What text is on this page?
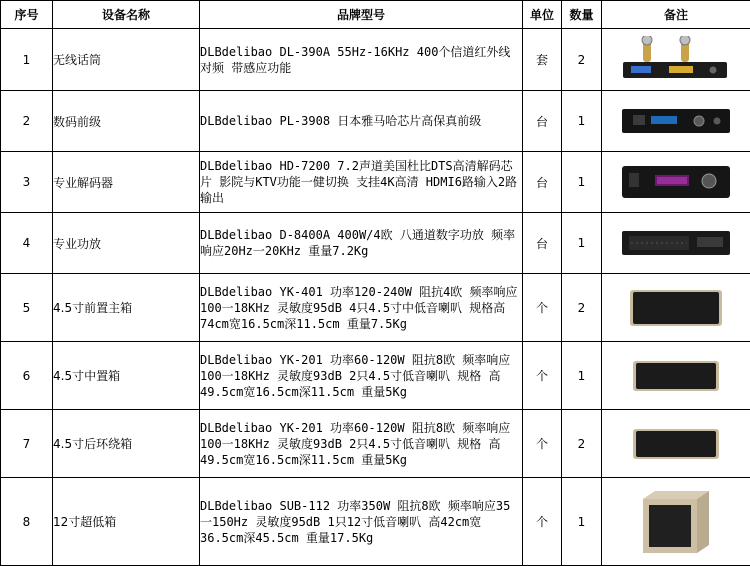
序号	设备名称	品牌型号	单位	数量	备注
1	无线话筒	DLBdelibao DL-390A 55Hz-16KHz 400个信道红外线对频 带感应功能	套	2	

2	数码前级	DLBdelibao PL-3908 日本雅马哈芯片高保真前级	台	1	

3	专业解码器	DLBdelibao HD-7200 7.2声道美国杜比DTS高清解码芯片 影院与KTV功能一健切换 支挂4K高清 HDMI6路输入2路输出	台	1	

4	专业功放	DLBdelibao D-8400A 400W/4欧 八通道数字功放 频率响应20Hz一20KHz 重量7.2Kg	台	1	

5	4.5寸前置主箱	DLBdelibao YK-401 功率120-240W 阻抗4欧 频率响应100一18KHz 灵敏度95dB 4只4.5寸中低音喇叭 规格高74cm宽16.5cm深11.5cm 重量7.5Kg	个	2	

6	4.5寸中置箱	DLBdelibao YK-201 功率60-120W 阻抗8欧 频率响应100一18KHz 灵敏度93dB 2只4.5寸低音喇叭 规格 高49.5cm宽16.5cm深11.5cm 重量5Kg	个	1	

7	4.5寸后环绕箱	DLBdelibao YK-201 功率60-120W 阻抗8欧 频率响应100一18KHz 灵敏度93dB 2只4.5寸低音喇叭 规格 高49.5cm宽16.5cm深11.5cm 重量5Kg	个	2	

8	12寸超低箱	DLBdelibao SUB-112 功率350W 阻抗8欧 频率响应35一150Hz 灵敏度95dB 1只12寸低音喇叭 高42cm宽36.5cm深45.5cm 重量17.5Kg	个	1	
